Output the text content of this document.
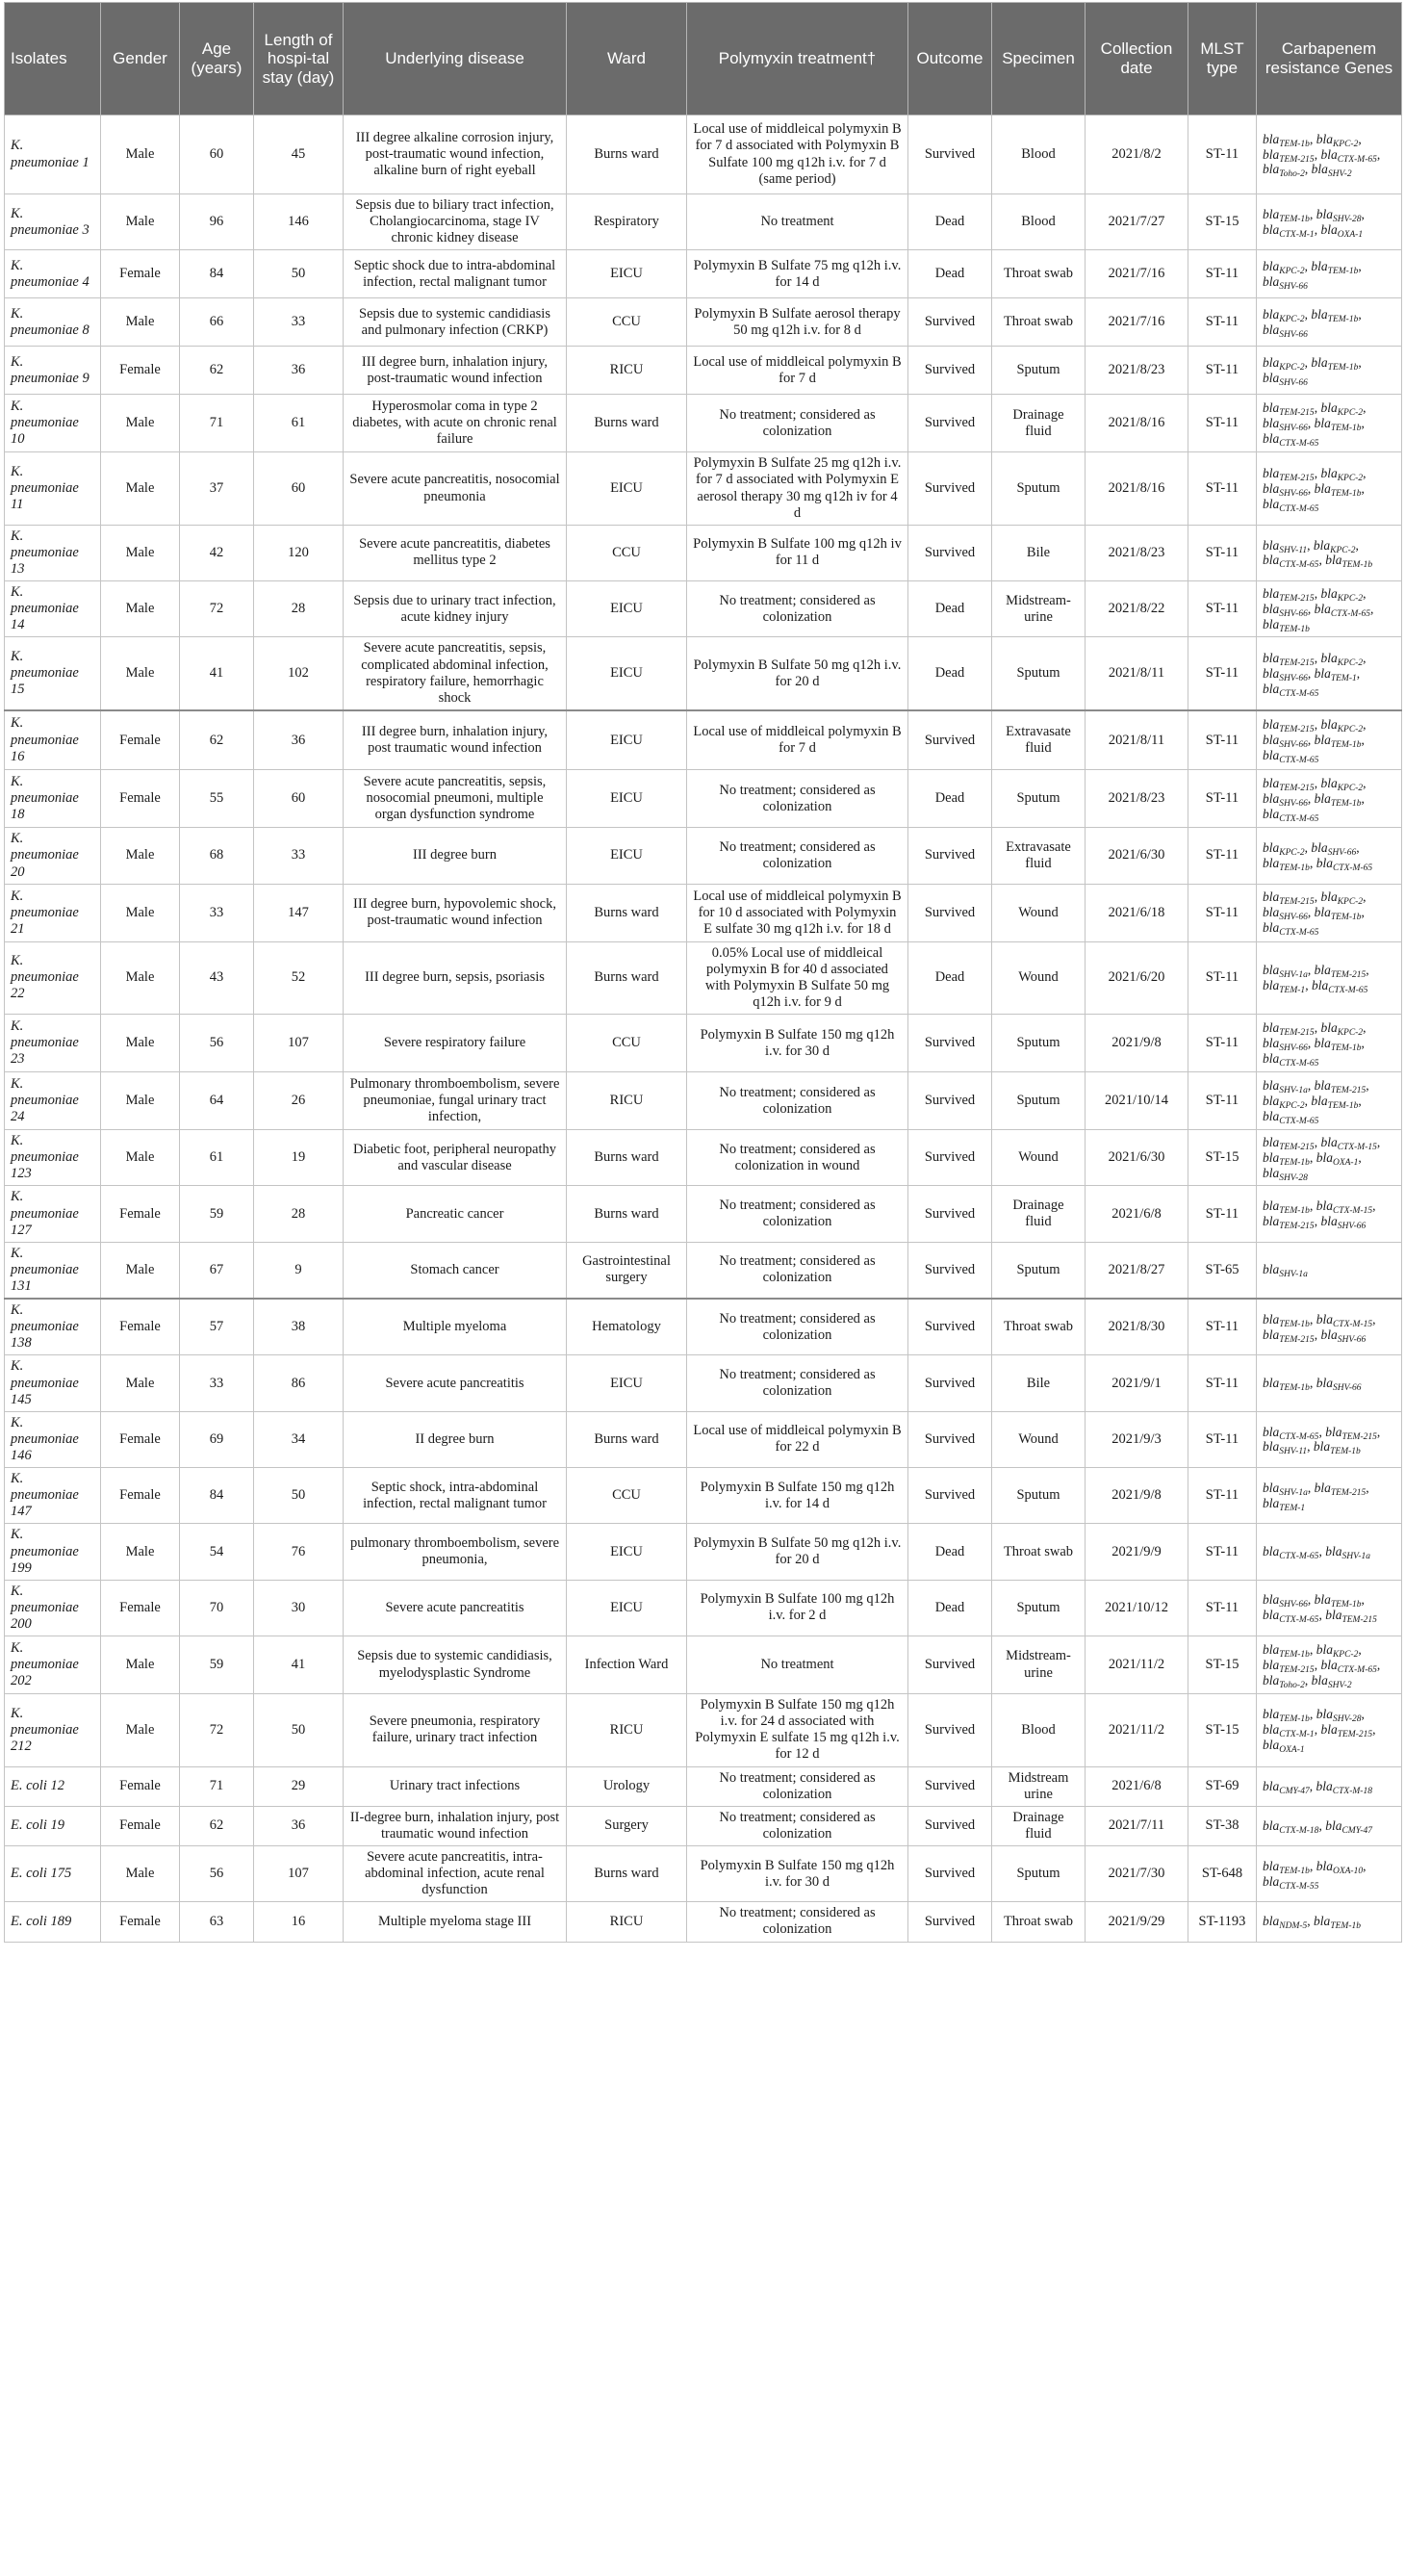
Isolates	Gender	Age (years)	Length of hospi-tal stay (day)	Underlying disease	Ward	Polymyxin treatment†	Outcome	Specimen	Collection date	MLST type	Carbapenem resistance Genes
K. pneumoniae 1	Male	60	45	III degree alkaline corrosion injury, post-traumatic wound infection, alkaline burn of right eyeball	Burns ward	Local use of middleical polymyxin B for 7 d associated with Polymyxin B Sulfate 100 mg q12h i.v. for 7 d (same period)	Survived	Blood	2021/8/2	ST-11	bla$_{TEM-1b}$, bla$_{KPC-2}$, bla$_{TEM-215}$, bla$_{CTX-M-65}$, bla$_{Toho-2}$, bla$_{SHV-2}$
K. pneumoniae 3	Male	96	146	Sepsis due to biliary tract infection, Cholangiocarcinoma, stage IV chronic kidney disease	Respiratory	No treatment	Dead	Blood	2021/7/27	ST-15	bla$_{TEM-1b}$, bla$_{SHV-28}$, bla$_{CTX-M-1}$, bla$_{OXA-1}$
K. pneumoniae 4	Female	84	50	Septic shock due to intra-abdominal infection, rectal malignant tumor	EICU	Polymyxin B Sulfate 75 mg q12h i.v. for 14 d	Dead	Throat swab	2021/7/16	ST-11	bla$_{KPC-2}$, bla$_{TEM-1b}$, bla$_{SHV-66}$
K. pneumoniae 8	Male	66	33	Sepsis due to systemic candidiasis and pulmonary infection (CRKP)	CCU	Polymyxin B Sulfate aerosol therapy 50 mg q12h i.v. for 8 d	Survived	Throat swab	2021/7/16	ST-11	bla$_{KPC-2}$, bla$_{TEM-1b}$, bla$_{SHV-66}$
K. pneumoniae 9	Female	62	36	III degree burn, inhalation injury, post-traumatic wound infection	RICU	Local use of middleical polymyxin B for 7 d	Survived	Sputum	2021/8/23	ST-11	bla$_{KPC-2}$, bla$_{TEM-1b}$, bla$_{SHV-66}$
K. pneumoniae 10	Male	71	61	Hyperosmolar coma in type 2 diabetes, with acute on chronic renal failure	Burns ward	No treatment; considered as colonization	Survived	Drainage fluid	2021/8/16	ST-11	bla$_{TEM-215}$, bla$_{KPC-2}$, bla$_{SHV-66}$, bla$_{TEM-1b}$, bla$_{CTX-M-65}$
K. pneumoniae 11	Male	37	60	Severe acute pancreatitis, nosocomial pneumonia	EICU	Polymyxin B Sulfate 25 mg q12h i.v. for 7 d associated with Polymyxin E aerosol therapy 30 mg q12h iv for 4 d	Survived	Sputum	2021/8/16	ST-11	bla$_{TEM-215}$, bla$_{KPC-2}$, bla$_{SHV-66}$, bla$_{TEM-1b}$, bla$_{CTX-M-65}$
K. pneumoniae 13	Male	42	120	Severe acute pancreatitis, diabetes mellitus type 2	CCU	Polymyxin B Sulfate 100 mg q12h iv for 11 d	Survived	Bile	2021/8/23	ST-11	bla$_{SHV-11}$, bla$_{KPC-2}$, bla$_{CTX-M-65}$, bla$_{TEM-1b}$
K. pneumoniae 14	Male	72	28	Sepsis due to urinary tract infection, acute kidney injury	EICU	No treatment; considered as colonization	Dead	Midstream-urine	2021/8/22	ST-11	bla$_{TEM-215}$, bla$_{KPC-2}$, bla$_{SHV-66}$, bla$_{CTX-M-65}$, bla$_{TEM-1b}$
K. pneumoniae 15	Male	41	102	Severe acute pancreatitis, sepsis, complicated abdominal infection, respiratory failure, hemorrhagic shock	EICU	Polymyxin B Sulfate 50 mg q12h i.v. for 20 d	Dead	Sputum	2021/8/11	ST-11	bla$_{TEM-215}$, bla$_{KPC-2}$, bla$_{SHV-66}$, bla$_{TEM-1}$, bla$_{CTX-M-65}$
K. pneumoniae 16	Female	62	36	III degree burn, inhalation injury, post traumatic wound infection	EICU	Local use of middleical polymyxin B for 7 d	Survived	Extravasate fluid	2021/8/11	ST-11	bla$_{TEM-215}$, bla$_{KPC-2}$, bla$_{SHV-66}$, bla$_{TEM-1b}$, bla$_{CTX-M-65}$
K. pneumoniae 18	Female	55	60	Severe acute pancreatitis, sepsis, nosocomial pneumoni, multiple organ dysfunction syndrome	EICU	No treatment; considered as colonization	Dead	Sputum	2021/8/23	ST-11	bla$_{TEM-215}$, bla$_{KPC-2}$, bla$_{SHV-66}$, bla$_{TEM-1b}$, bla$_{CTX-M-65}$
K. pneumoniae 20	Male	68	33	III degree burn	EICU	No treatment; considered as colonization	Survived	Extravasate fluid	2021/6/30	ST-11	bla$_{KPC-2}$, bla$_{SHV-66}$, bla$_{TEM-1b}$, bla$_{CTX-M-65}$
K. pneumoniae 21	Male	33	147	III degree burn, hypovolemic shock, post-traumatic wound infection	Burns ward	Local use of middleical polymyxin B for 10 d associated with Polymyxin E sulfate 30 mg q12h i.v. for 18 d	Survived	Wound	2021/6/18	ST-11	bla$_{TEM-215}$, bla$_{KPC-2}$, bla$_{SHV-66}$, bla$_{TEM-1b}$, bla$_{CTX-M-65}$
K. pneumoniae 22	Male	43	52	III degree burn, sepsis, psoriasis	Burns ward	0.05% Local use of middleical polymyxin B for 40 d associated with Polymyxin B Sulfate 50 mg q12h i.v. for 9 d	Dead	Wound	2021/6/20	ST-11	bla$_{SHV-1a}$, bla$_{TEM-215}$, bla$_{TEM-1}$, bla$_{CTX-M-65}$
K. pneumoniae 23	Male	56	107	Severe respiratory failure	CCU	Polymyxin B Sulfate 150 mg q12h i.v. for 30 d	Survived	Sputum	2021/9/8	ST-11	bla$_{TEM-215}$, bla$_{KPC-2}$, bla$_{SHV-66}$, bla$_{TEM-1b}$, bla$_{CTX-M-65}$
K. pneumoniae 24	Male	64	26	Pulmonary thromboembolism, severe pneumoniae, fungal urinary tract infection,	RICU	No treatment; considered as colonization	Survived	Sputum	2021/10/14	ST-11	bla$_{SHV-1a}$, bla$_{TEM-215}$, bla$_{KPC-2}$, bla$_{TEM-1b}$, bla$_{CTX-M-65}$
K. pneumoniae 123	Male	61	19	Diabetic foot, peripheral neuropathy and vascular disease	Burns ward	No treatment; considered as colonization in wound	Survived	Wound	2021/6/30	ST-15	bla$_{TEM-215}$, bla$_{CTX-M-15}$, bla$_{TEM-1b}$, bla$_{OXA-1}$, bla$_{SHV-28}$
K. pneumoniae 127	Female	59	28	Pancreatic cancer	Burns ward	No treatment; considered as colonization	Survived	Drainage fluid	2021/6/8	ST-11	bla$_{TEM-1b}$, bla$_{CTX-M-15}$, bla$_{TEM-215}$, bla$_{SHV-66}$
K. pneumoniae 131	Male	67	9	Stomach cancer	Gastrointestinal surgery	No treatment; considered as colonization	Survived	Sputum	2021/8/27	ST-65	bla$_{SHV-1a}$
K. pneumoniae 138	Female	57	38	Multiple myeloma	Hematology	No treatment; considered as colonization	Survived	Throat swab	2021/8/30	ST-11	bla$_{TEM-1b}$, bla$_{CTX-M-15}$, bla$_{TEM-215}$, bla$_{SHV-66}$
K. pneumoniae 145	Male	33	86	Severe acute pancreatitis	EICU	No treatment; considered as colonization	Survived	Bile	2021/9/1	ST-11	bla$_{TEM-1b}$, bla$_{SHV-66}$
K. pneumoniae 146	Female	69	34	II degree burn	Burns ward	Local use of middleical polymyxin B for 22 d	Survived	Wound	2021/9/3	ST-11	bla$_{CTX-M-65}$, bla$_{TEM-215}$, bla$_{SHV-11}$, bla$_{TEM-1b}$
K. pneumoniae 147	Female	84	50	Septic shock, intra-abdominal infection, rectal malignant tumor	CCU	Polymyxin B Sulfate 150 mg q12h i.v. for 14 d	Survived	Sputum	2021/9/8	ST-11	bla$_{SHV-1a}$, bla$_{TEM-215}$, bla$_{TEM-1}$
K. pneumoniae 199	Male	54	76	pulmonary thromboembolism, severe pneumonia,	EICU	Polymyxin B Sulfate 50 mg q12h i.v. for 20 d	Dead	Throat swab	2021/9/9	ST-11	bla$_{CTX-M-65}$, bla$_{SHV-1a}$
K. pneumoniae 200	Female	70	30	Severe acute pancreatitis	EICU	Polymyxin B Sulfate 100 mg q12h i.v. for 2 d	Dead	Sputum	2021/10/12	ST-11	bla$_{SHV-66}$, bla$_{TEM-1b}$, bla$_{CTX-M-65}$, bla$_{TEM-215}$
K. pneumoniae 202	Male	59	41	Sepsis due to systemic candidiasis, myelodysplastic Syndrome	Infection Ward	No treatment	Survived	Midstream-urine	2021/11/2	ST-15	bla$_{TEM-1b}$, bla$_{KPC-2}$, bla$_{TEM-215}$, bla$_{CTX-M-65}$, bla$_{Toho-2}$, bla$_{SHV-2}$
K. pneumoniae 212	Male	72	50	Severe pneumonia, respiratory failure, urinary tract infection	RICU	Polymyxin B Sulfate 150 mg q12h i.v. for 24 d associated with Polymyxin E sulfate 15 mg q12h i.v. for 12 d	Survived	Blood	2021/11/2	ST-15	bla$_{TEM-1b}$, bla$_{SHV-28}$, bla$_{CTX-M-1}$, bla$_{TEM-215}$, bla$_{OXA-1}$
E. coli 12	Female	71	29	Urinary tract infections	Urology	No treatment; considered as colonization	Survived	Midstream urine	2021/6/8	ST-69	bla$_{CMY-47}$, bla$_{CTX-M-18}$
E. coli 19	Female	62	36	II-degree burn, inhalation injury, post traumatic wound infection	Surgery	No treatment; considered as colonization	Survived	Drainage fluid	2021/7/11	ST-38	bla$_{CTX-M-18}$, bla$_{CMY-47}$
E. coli 175	Male	56	107	Severe acute pancreatitis, intra-abdominal infection, acute renal dysfunction	Burns ward	Polymyxin B Sulfate 150 mg q12h i.v. for 30 d	Survived	Sputum	2021/7/30	ST-648	bla$_{TEM-1b}$, bla$_{OXA-10}$, bla$_{CTX-M-55}$
E. coli 189	Female	63	16	Multiple myeloma stage III	RICU	No treatment; considered as colonization	Survived	Throat swab	2021/9/29	ST-1193	bla$_{NDM-5}$, bla$_{TEM-1b}$
